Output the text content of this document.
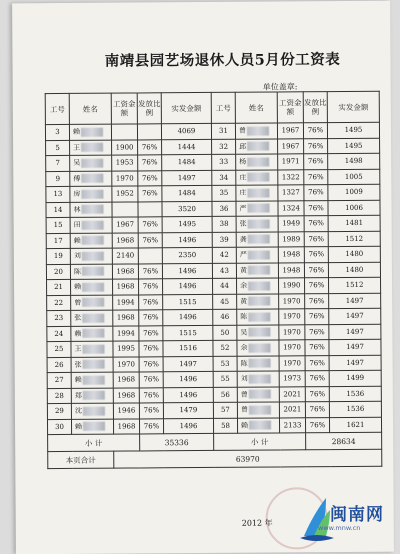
南靖县园艺场退休人员5月份工资表
单位盖章:
工号	姓名	工资金额	发放比例	实发金额	工号	姓名	工资金额	发放比例	实发金额
3	赖			4069	31	曾	1967	76%	1495
5	王	1900	76%	1444	32	邱	1967	76%	1495
7	吴	1953	76%	1484	33	杨	1971	76%	1498
9	傅	1970	76%	1497	34	庄	1322	76%	1005
13	房	1952	76%	1484	35	庄	1327	76%	1009
14	林			3520	36	严	1324	76%	1006
15	田	1967	76%	1495	38	张	1949	76%	1481
17	赖	1968	76%	1496	39	龚	1989	76%	1512
19	刘	2140		2350	42	严	1948	76%	1480
20	陈	1968	76%	1496	43	黄	1948	76%	1480
21	赖	1968	76%	1496	44	余	1990	76%	1512
22	曾	1994	76%	1515	45	黄	1970	76%	1497
23	张	1968	76%	1496	46	陈	1970	76%	1497
24	赖	1994	76%	1515	50	吴	1970	76%	1497
25	王	1995	76%	1516	52	余	1970	76%	1497
26	张	1970	76%	1497	53	陈	1970	76%	1497
27	赖	1968	76%	1496	55	刘	1973	76%	1499
28	郑	1968	76%	1496	56	曾	2021	76%	1536
29	沈	1946	76%	1479	57	曾	2021	76%	1536
30	赖	1968	76%	1496	58	赖	2133	76%	1621
小 计			35336		小 计			28634	
本页合计		63970							
2012 年	闽南网
www.mnw.cn
